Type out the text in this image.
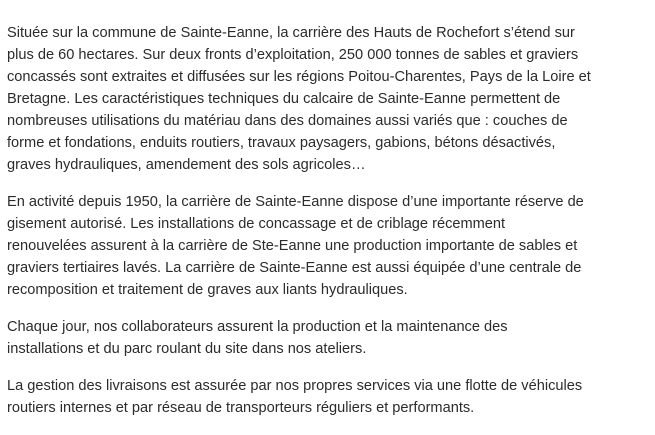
Située sur la commune de Sainte-Eanne, la carrière des Hauts de Rochefort s’étend sur
plus de 60 hectares. Sur deux fronts d’exploitation, 250 000 tonnes de sables et graviers
concassés sont extraites et diffusées sur les régions Poitou-Charentes, Pays de la Loire et
Bretagne. Les caractéristiques techniques du calcaire de Sainte-Eanne permettent de
nombreuses utilisations du matériau dans des domaines aussi variés que : couches de
forme et fondations, enduits routiers, travaux paysagers, gabions, bétons désactivés,
graves hydrauliques, amendement des sols agricoles…

En activité depuis 1950, la carrière de Sainte-Eanne dispose d’une importante réserve de
gisement autorisé. Les installations de concassage et de criblage récemment
renouvelées assurent à la carrière de Ste-Eanne une production importante de sables et
graviers tertiaires lavés. La carrière de Sainte-Eanne est aussi équipée d’une centrale de
recomposition et traitement de graves aux liants hydrauliques.

Chaque jour, nos collaborateurs assurent la production et la maintenance des
installations et du parc roulant du site dans nos ateliers.

La gestion des livraisons est assurée par nos propres services via une flotte de véhicules
routiers internes et par réseau de transporteurs réguliers et performants.
